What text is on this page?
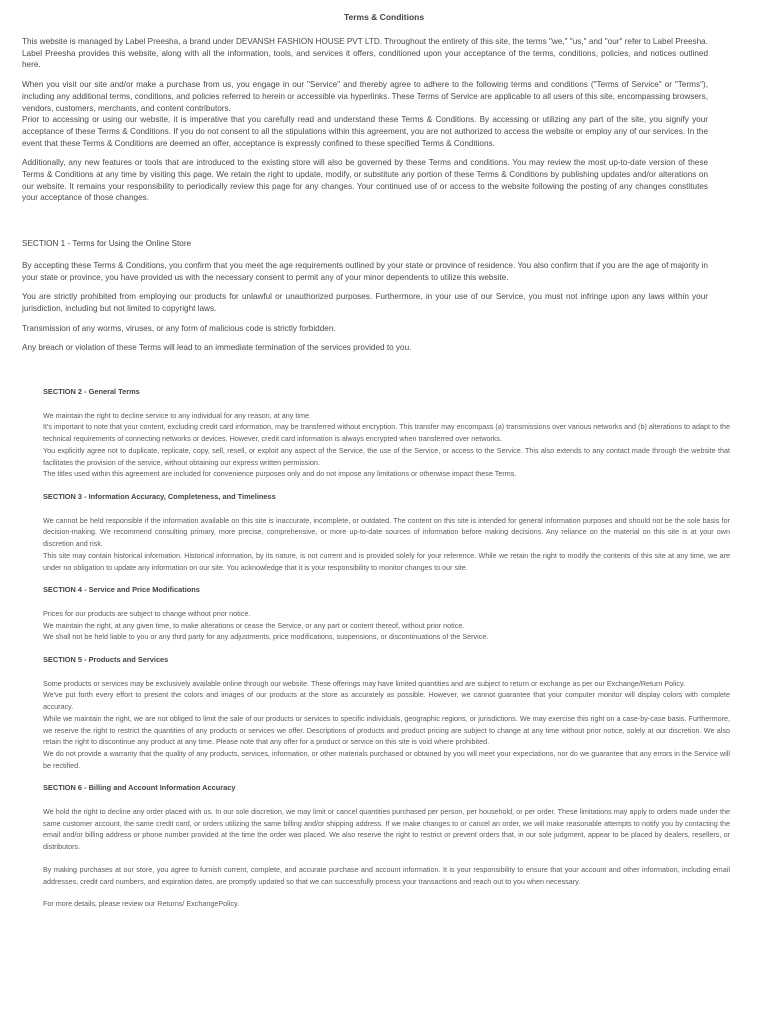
Terms & Conditions

This website is managed by Label Preesha, a brand under DEVANSH FASHION HOUSE PVT LTD. Throughout the entirety of this site, the terms "we," "us," and "our" refer to Label Preesha. Label Preesha provides this website, along with all the information, tools, and services it offers, conditioned upon your acceptance of the terms, conditions, policies, and notices outlined here.

When you visit our site and/or make a purchase from us, you engage in our "Service" and thereby agree to adhere to the following terms and conditions ("Terms of Service" or "Terms"), including any additional terms, conditions, and policies referred to herein or accessible via hyperlinks. These Terms of Service are applicable to all users of this site, encompassing browsers, vendors, customers, merchants, and content contributors.

Prior to accessing or using our website, it is imperative that you carefully read and understand these Terms & Conditions. By accessing or utilizing any part of the site, you signify your acceptance of these Terms & Conditions. If you do not consent to all the stipulations within this agreement, you are not authorized to access the website or employ any of our services. In the event that these Terms & Conditions are deemed an offer, acceptance is expressly confined to these specified Terms & Conditions.

Additionally, any new features or tools that are introduced to the existing store will also be governed by these Terms and conditions. You may review the most up-to-date version of these Terms & Conditions at any time by visiting this page. We retain the right to update, modify, or substitute any portion of these Terms & Conditions by publishing updates and/or alterations on our website. It remains your responsibility to periodically review this page for any changes. Your continued use of or access to the website following the posting of any changes constitutes your acceptance of those changes.

SECTION 1 - Terms for Using the Online Store

By accepting these Terms & Conditions, you confirm that you meet the age requirements outlined by your state or province of residence. You also confirm that if you are the age of majority in your state or province, you have provided us with the necessary consent to permit any of your minor dependents to utilize this website.

You are strictly prohibited from employing our products for unlawful or unauthorized purposes. Furthermore, in your use of our Service, you must not infringe upon any laws within your jurisdiction, including but not limited to copyright laws.

Transmission of any worms, viruses, or any form of malicious code is strictly forbidden.

Any breach or violation of these Terms will lead to an immediate termination of the services provided to you.

SECTION 2 - General Terms

We maintain the right to decline service to any individual for any reason, at any time.

It's important to note that your content, excluding credit card information, may be transferred without encryption. This transfer may encompass (a) transmissions over various networks and (b) alterations to adapt to the technical requirements of connecting networks or devices. However, credit card information is always encrypted when transferred over networks.

You explicitly agree not to duplicate, replicate, copy, sell, resell, or exploit any aspect of the Service, the use of the Service, or access to the Service. This also extends to any contact made through the website that facilitates the provision of the service, without obtaining our express written permission.

The titles used within this agreement are included for convenience purposes only and do not impose any limitations or otherwise impact these Terms.

SECTION 3 - Information Accuracy, Completeness, and Timeliness

We cannot be held responsible if the information available on this site is inaccurate, incomplete, or outdated. The content on this site is intended for general information purposes and should not be the sole basis for decision-making. We recommend consulting primary, more precise, comprehensive, or more up-to-date sources of information before making decisions. Any reliance on the material on this site is at your own discretion and risk.

This site may contain historical information. Historical information, by its nature, is not current and is provided solely for your reference. While we retain the right to modify the contents of this site at any time, we are under no obligation to update any information on our site. You acknowledge that it is your responsibility to monitor changes to our site.

SECTION 4 - Service and Price Modifications

Prices for our products are subject to change without prior notice.

We maintain the right, at any given time, to make alterations or cease the Service, or any part or content thereof, without prior notice.

We shall not be held liable to you or any third party for any adjustments, price modifications, suspensions, or discontinuations of the Service.

SECTION 5 - Products and Services

Some products or services may be exclusively available online through our website. These offerings may have limited quantities and are subject to return or exchange as per our Exchange/Return Policy.

We've put forth every effort to present the colors and images of our products at the store as accurately as possible. However, we cannot guarantee that your computer monitor will display colors with complete accuracy.

While we maintain the right, we are not obliged to limit the sale of our products or services to specific individuals, geographic regions, or jurisdictions. We may exercise this right on a case-by-case basis. Furthermore, we reserve the right to restrict the quantities of any products or services we offer. Descriptions of products and product pricing are subject to change at any time without prior notice, solely at our discretion. We also retain the right to discontinue any product at any time. Please note that any offer for a product or service on this site is void where prohibited.

We do not provide a warranty that the quality of any products, services, information, or other materials purchased or obtained by you will meet your expectations, nor do we guarantee that any errors in the Service will be rectified.

SECTION 6 - Billing and Account Information Accuracy

We hold the right to decline any order placed with us. In our sole discretion, we may limit or cancel quantities purchased per person, per household, or per order. These limitations may apply to orders made under the same customer account, the same credit card, or orders utilizing the same billing and/or shipping address. If we make changes to or cancel an order, we will make reasonable attempts to notify you by contacting the email and/or billing address or phone number provided at the time the order was placed. We also reserve the right to restrict or prevent orders that, in our sole judgment, appear to be placed by dealers, resellers, or distributors.

By making purchases at our store, you agree to furnish current, complete, and accurate purchase and account information. It is your responsibility to ensure that your account and other information, including email addresses, credit card numbers, and expiration dates, are promptly updated so that we can successfully process your transactions and reach out to you when necessary.

For more details, please review our Returns/ ExchangePolicy.
